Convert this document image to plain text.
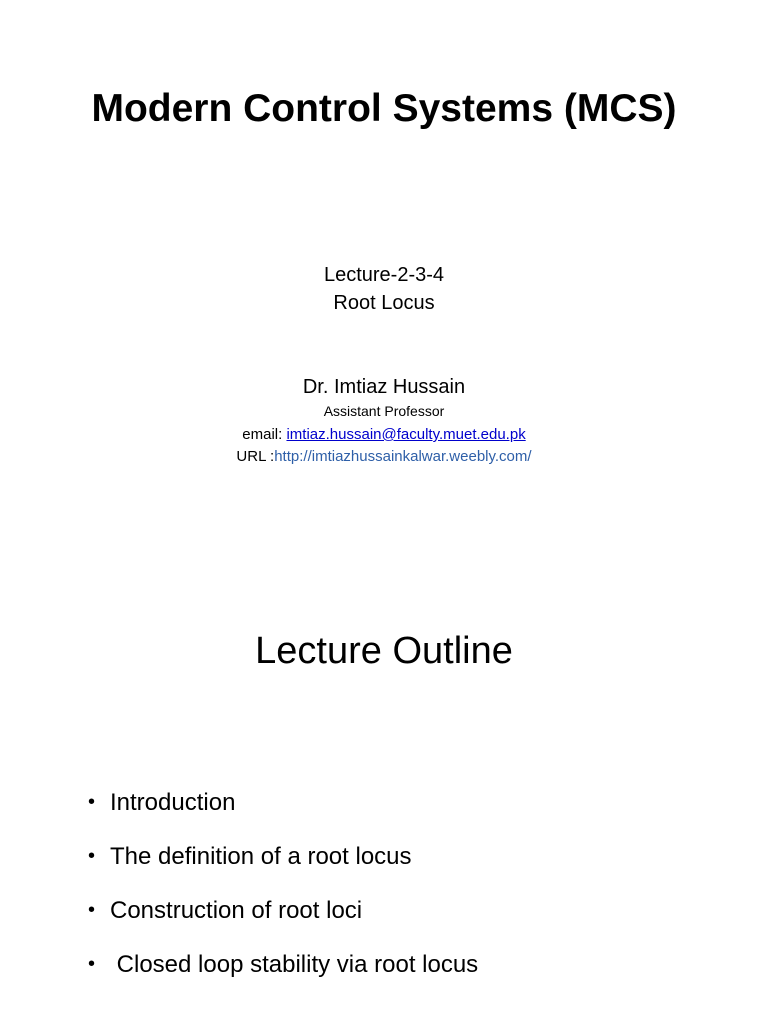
Modern Control Systems (MCS)
Lecture-2-3-4
Root Locus
Dr. Imtiaz Hussain
Assistant Professor
email: imtiaz.hussain@faculty.muet.edu.pk
URL :http://imtiazhussainkalwar.weebly.com/
Lecture Outline
• Introduction
• The definition of a root locus
• Construction of root loci
• Closed loop stability via root locus
